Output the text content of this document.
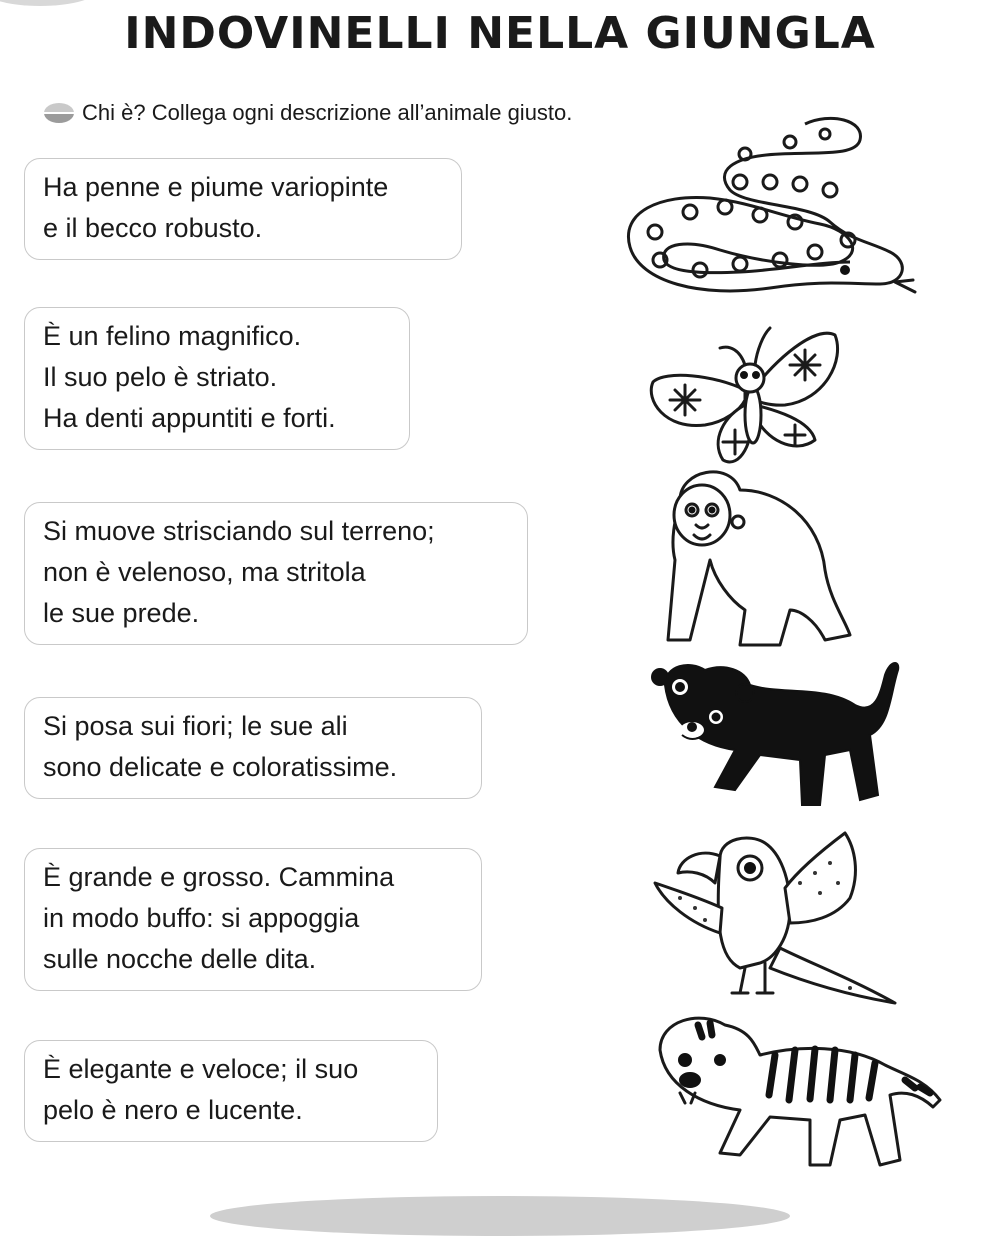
INDOVINELLI NELLA GIUNGLA
Chi è? Collega ogni descrizione all’animale giusto.
Ha penne e piume variopinte
e il becco robusto.
È un felino magnifico.
Il suo pelo è striato.
Ha denti appuntiti e forti.
Si muove strisciando sul terreno;
non è velenoso, ma stritola
le sue prede.
Si posa sui fiori; le sue ali
sono delicate e coloratissime.
È grande e grosso. Cammina
in modo buffo: si appoggia
sulle nocche delle dita.
È elegante e veloce; il suo
pelo è nero e lucente.
